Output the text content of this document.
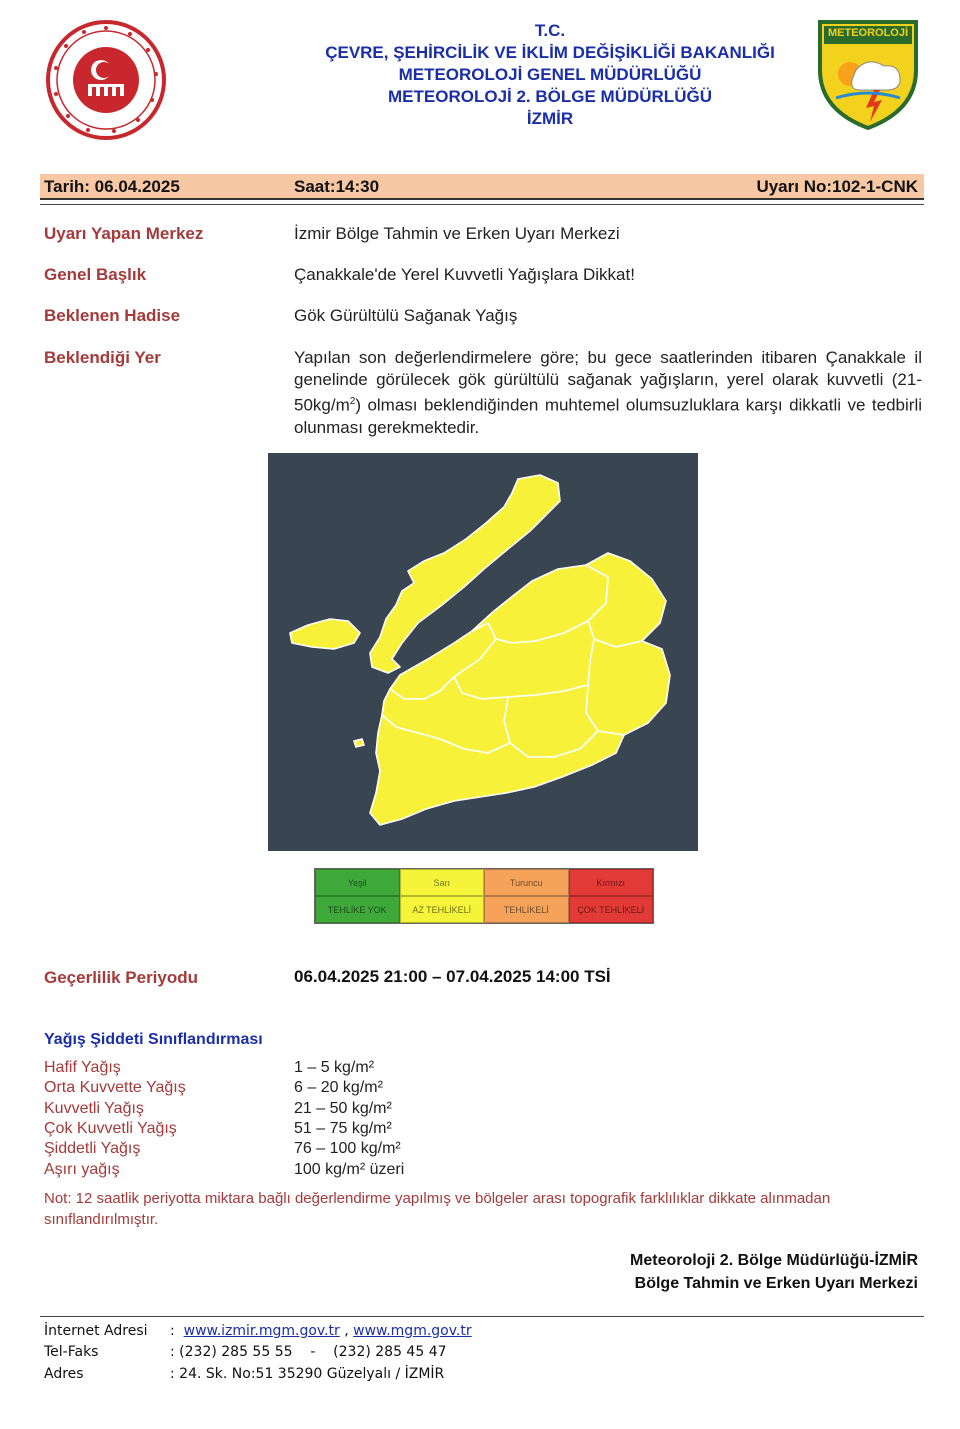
T.C.
ÇEVRE, ŞEHİRCİLİK VE İKLİM DEĞİŞİKLİĞİ BAKANLIĞI
METEOROLOJİ GENEL MÜDÜRLÜĞÜ
METEOROLOJİ 2. BÖLGE MÜDÜRLÜĞÜ
İZMİR
METEOROLOJİ
Tarih: 06.04.2025	Saat:14:30	Uyarı No:102-1-CNK
Uyarı Yapan Merkez	İzmir Bölge Tahmin ve Erken Uyarı Merkezi
Genel Başlık	Çanakkale'de Yerel Kuvvetli Yağışlara Dikkat!
Beklenen Hadise	Gök Gürültülü Sağanak Yağış
Beklendiği Yer	Yapılan son değerlendirmelere göre; bu gece saatlerinden itibaren Çanakkale il genelinde görülecek gök gürültülü sağanak yağışların, yerel olarak kuvvetli $(21-50kg/m^2)$ olması beklendiğinden muhtemel olumsuzluklara karşı dikkatli ve tedbirli olunması gerekmektedir.
Yeşil	Sarı	Turuncu	Kırmızı
TEHLİKE YOK	AZ TEHLİKELİ	TEHLİKELİ	ÇOK TEHLİKELİ
Geçerlilik Periyodu	06.04.2025 21:00 – 07.04.2025 14:00 TSİ
Yağış Şiddeti Sınıflandırması
Hafif Yağış	1 – 5 kg/m²
Orta Kuvvette Yağış	6 – 20 kg/m²
Kuvvetli Yağış	21 – 50 kg/m²
Çok Kuvvetli Yağış	51 – 75 kg/m²
Şiddetli Yağış	76 – 100 kg/m²
Aşırı yağış	100 kg/m² üzeri
Not: 12 saatlik periyotta miktara bağlı değerlendirme yapılmış ve bölgeler arası topografik farklılıklar dikkate alınmadan sınıflandırılmıştır.
Meteoroloji 2. Bölge Müdürlüğü-İZMİR
Bölge Tahmin ve Erken Uyarı Merkezi
İnternet Adresi	:  www.izmir.mgm.gov.tr , www.mgm.gov.tr
Tel-Faks	: (232) 285 55 55    -    (232) 285 45 47
Adres	: 24. Sk. No:51 35290 Güzelyalı / İZMİR
